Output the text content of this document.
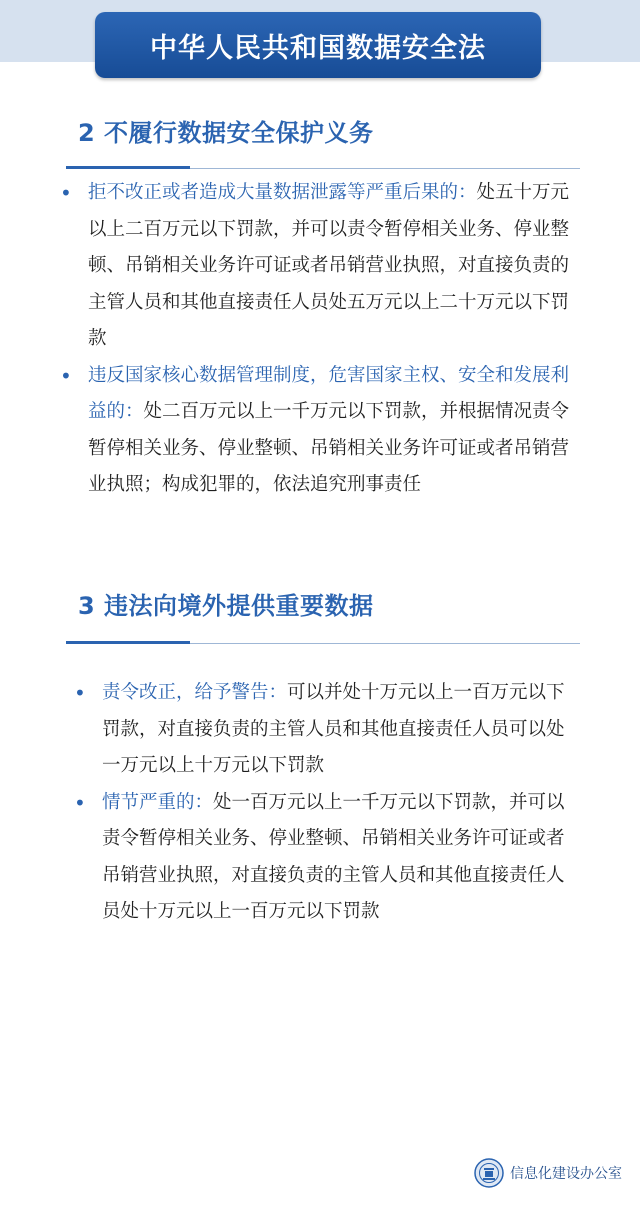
中华人民共和国数据安全法
2 不履行数据安全保护义务
• 拒不改正或者造成大量数据泄露等严重后果的：处五十万元以上二百万元以下罚款，并可以责令暂停相关业务、停业整顿、吊销相关业务许可证或者吊销营业执照，对直接负责的主管人员和其他直接责任人员处五万元以上二十万元以下罚款
• 违反国家核心数据管理制度，危害国家主权、安全和发展利益的：处二百万元以上一千万元以下罚款，并根据情况责令暂停相关业务、停业整顿、吊销相关业务许可证或者吊销营业执照；构成犯罪的，依法追究刑事责任
3 违法向境外提供重要数据
• 责令改正，给予警告：可以并处十万元以上一百万元以下罚款，对直接负责的主管人员和其他直接责任人员可以处一万元以上十万元以下罚款
• 情节严重的：处一百万元以上一千万元以下罚款，并可以责令暂停相关业务、停业整顿、吊销相关业务许可证或者吊销营业执照，对直接负责的主管人员和其他直接责任人员处十万元以上一百万元以下罚款
信息化建设办公室
